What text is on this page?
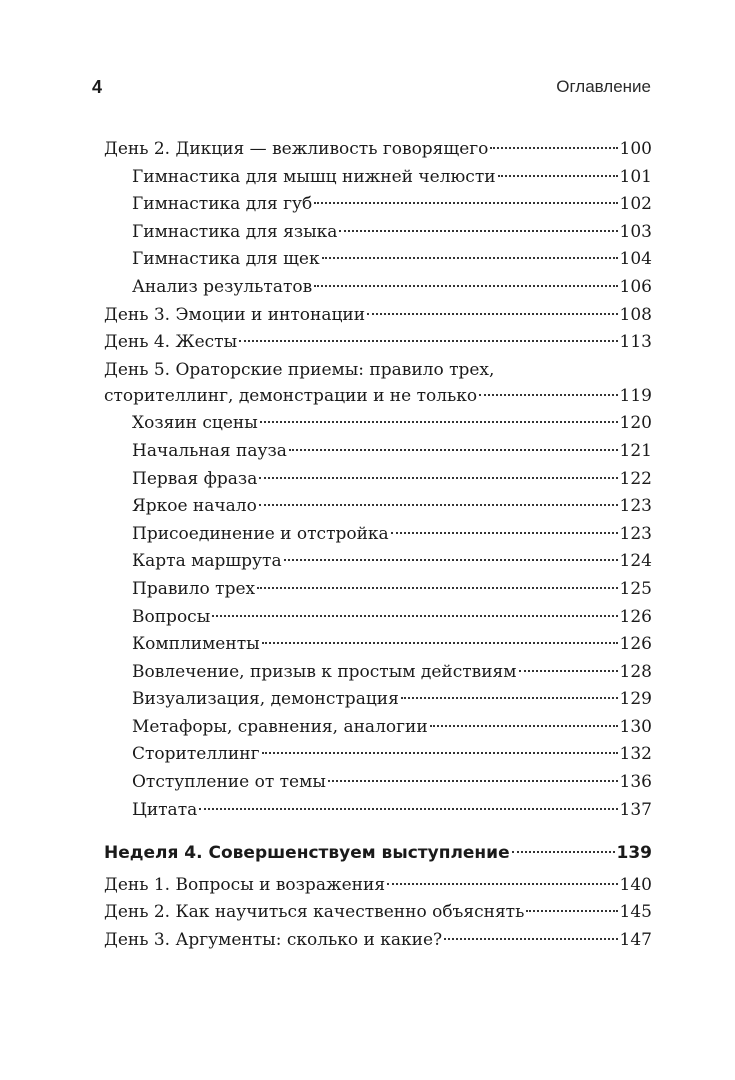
4	Оглавление
День 2. Дикция — вежливость говорящего	100
Гимнастика для мышц нижней челюсти	101
Гимнастика для губ	102
Гимнастика для языка	103
Гимнастика для щек	104
Анализ результатов	106
День 3. Эмоции и интонации	108
День 4. Жесты	113
День 5. Ораторские приемы: правило трех,
сторителлинг, демонстрации и не только	119
Хозяин сцены	120
Начальная пауза	121
Первая фраза	122
Яркое начало	123
Присоединение и отстройка	123
Карта маршрута	124
Правило трех	125
Вопросы	126
Комплименты	126
Вовлечение, призыв к простым действиям	128
Визуализация, демонстрация	129
Метафоры, сравнения, аналогии	130
Сторителлинг	132
Отступление от темы	136
Цитата	137
Неделя 4. Совершенствуем выступление	139
День 1. Вопросы и возражения	140
День 2. Как научиться качественно объяснять	145
День 3. Аргументы: сколько и какие?	147
